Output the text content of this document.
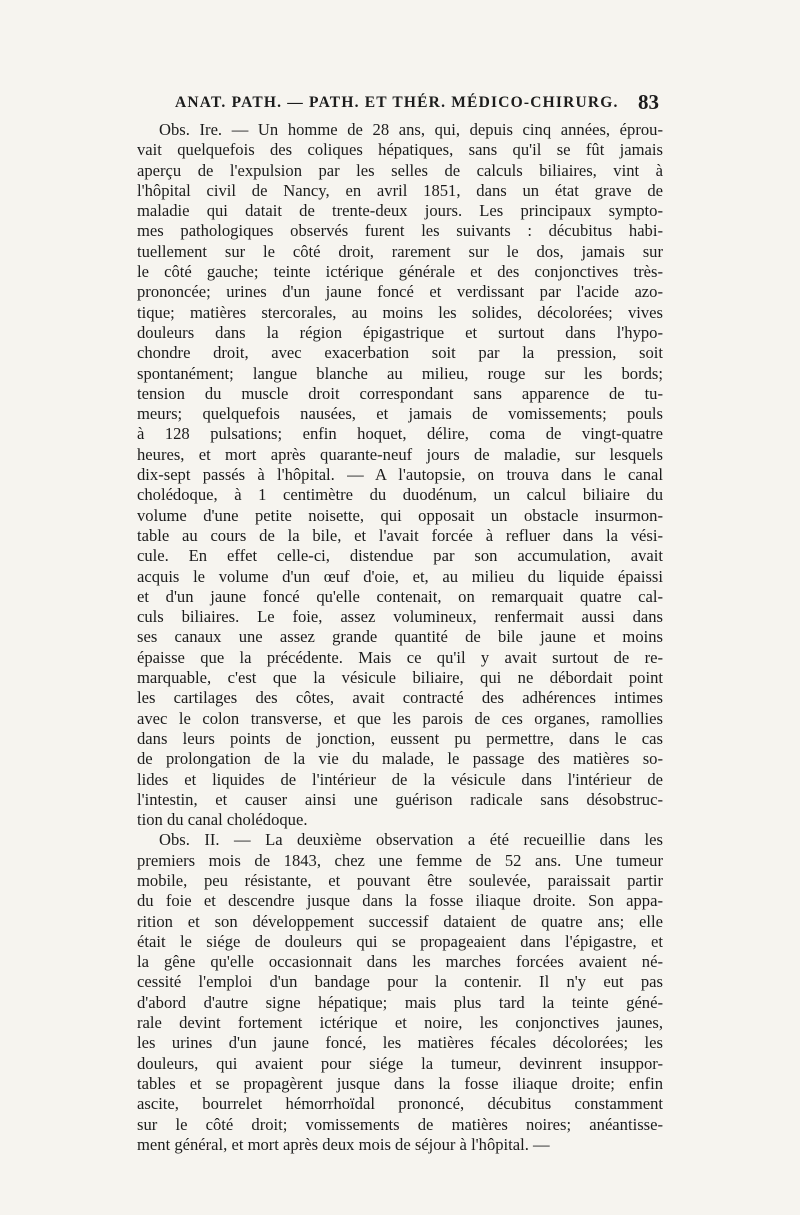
ANAT. PATH. — PATH. ET THÉR. MÉDICO-CHIRURG. 83

Obs. Ire. — Un homme de 28 ans, qui, depuis cinq années, éprou-
vait quelquefois des coliques hépatiques, sans qu'il se fût jamais
aperçu de l'expulsion par les selles de calculs biliaires, vint à
l'hôpital civil de Nancy, en avril 1851, dans un état grave de
maladie qui datait de trente-deux jours. Les principaux sympto-
mes pathologiques observés furent les suivants : décubitus habi-
tuellement sur le côté droit, rarement sur le dos, jamais sur
le côté gauche; teinte ictérique générale et des conjonctives très-
prononcée; urines d'un jaune foncé et verdissant par l'acide azo-
tique; matières stercorales, au moins les solides, décolorées; vives
douleurs dans la région épigastrique et surtout dans l'hypo-
chondre droit, avec exacerbation soit par la pression, soit
spontanément; langue blanche au milieu, rouge sur les bords;
tension du muscle droit correspondant sans apparence de tu-
meurs; quelquefois nausées, et jamais de vomissements; pouls
à 128 pulsations; enfin hoquet, délire, coma de vingt-quatre
heures, et mort après quarante-neuf jours de maladie, sur lesquels
dix-sept passés à l'hôpital. — A l'autopsie, on trouva dans le canal
cholédoque, à 1 centimètre du duodénum, un calcul biliaire du
volume d'une petite noisette, qui opposait un obstacle insurmon-
table au cours de la bile, et l'avait forcée à refluer dans la vési-
cule. En effet celle-ci, distendue par son accumulation, avait
acquis le volume d'un œuf d'oie, et, au milieu du liquide épaissi
et d'un jaune foncé qu'elle contenait, on remarquait quatre cal-
culs biliaires. Le foie, assez volumineux, renfermait aussi dans
ses canaux une assez grande quantité de bile jaune et moins
épaisse que la précédente. Mais ce qu'il y avait surtout de re-
marquable, c'est que la vésicule biliaire, qui ne débordait point
les cartilages des côtes, avait contracté des adhérences intimes
avec le colon transverse, et que les parois de ces organes, ramollies
dans leurs points de jonction, eussent pu permettre, dans le cas
de prolongation de la vie du malade, le passage des matières so-
lides et liquides de l'intérieur de la vésicule dans l'intérieur de
l'intestin, et causer ainsi une guérison radicale sans désobstruc-
tion du canal cholédoque.

Obs. II. — La deuxième observation a été recueillie dans les
premiers mois de 1843, chez une femme de 52 ans. Une tumeur
mobile, peu résistante, et pouvant être soulevée, paraissait partir
du foie et descendre jusque dans la fosse iliaque droite. Son appa-
rition et son développement successif dataient de quatre ans; elle
était le siége de douleurs qui se propageaient dans l'épigastre, et
la gêne qu'elle occasionnait dans les marches forcées avaient né-
cessité l'emploi d'un bandage pour la contenir. Il n'y eut pas
d'abord d'autre signe hépatique; mais plus tard la teinte géné-
rale devint fortement ictérique et noire, les conjonctives jaunes,
les urines d'un jaune foncé, les matières fécales décolorées; les
douleurs, qui avaient pour siége la tumeur, devinrent insuppor-
tables et se propagèrent jusque dans la fosse iliaque droite; enfin
ascite, bourrelet hémorrhoïdal prononcé, décubitus constamment
sur le côté droit; vomissements de matières noires; anéantisse-
ment général, et mort après deux mois de séjour à l'hôpital. —
